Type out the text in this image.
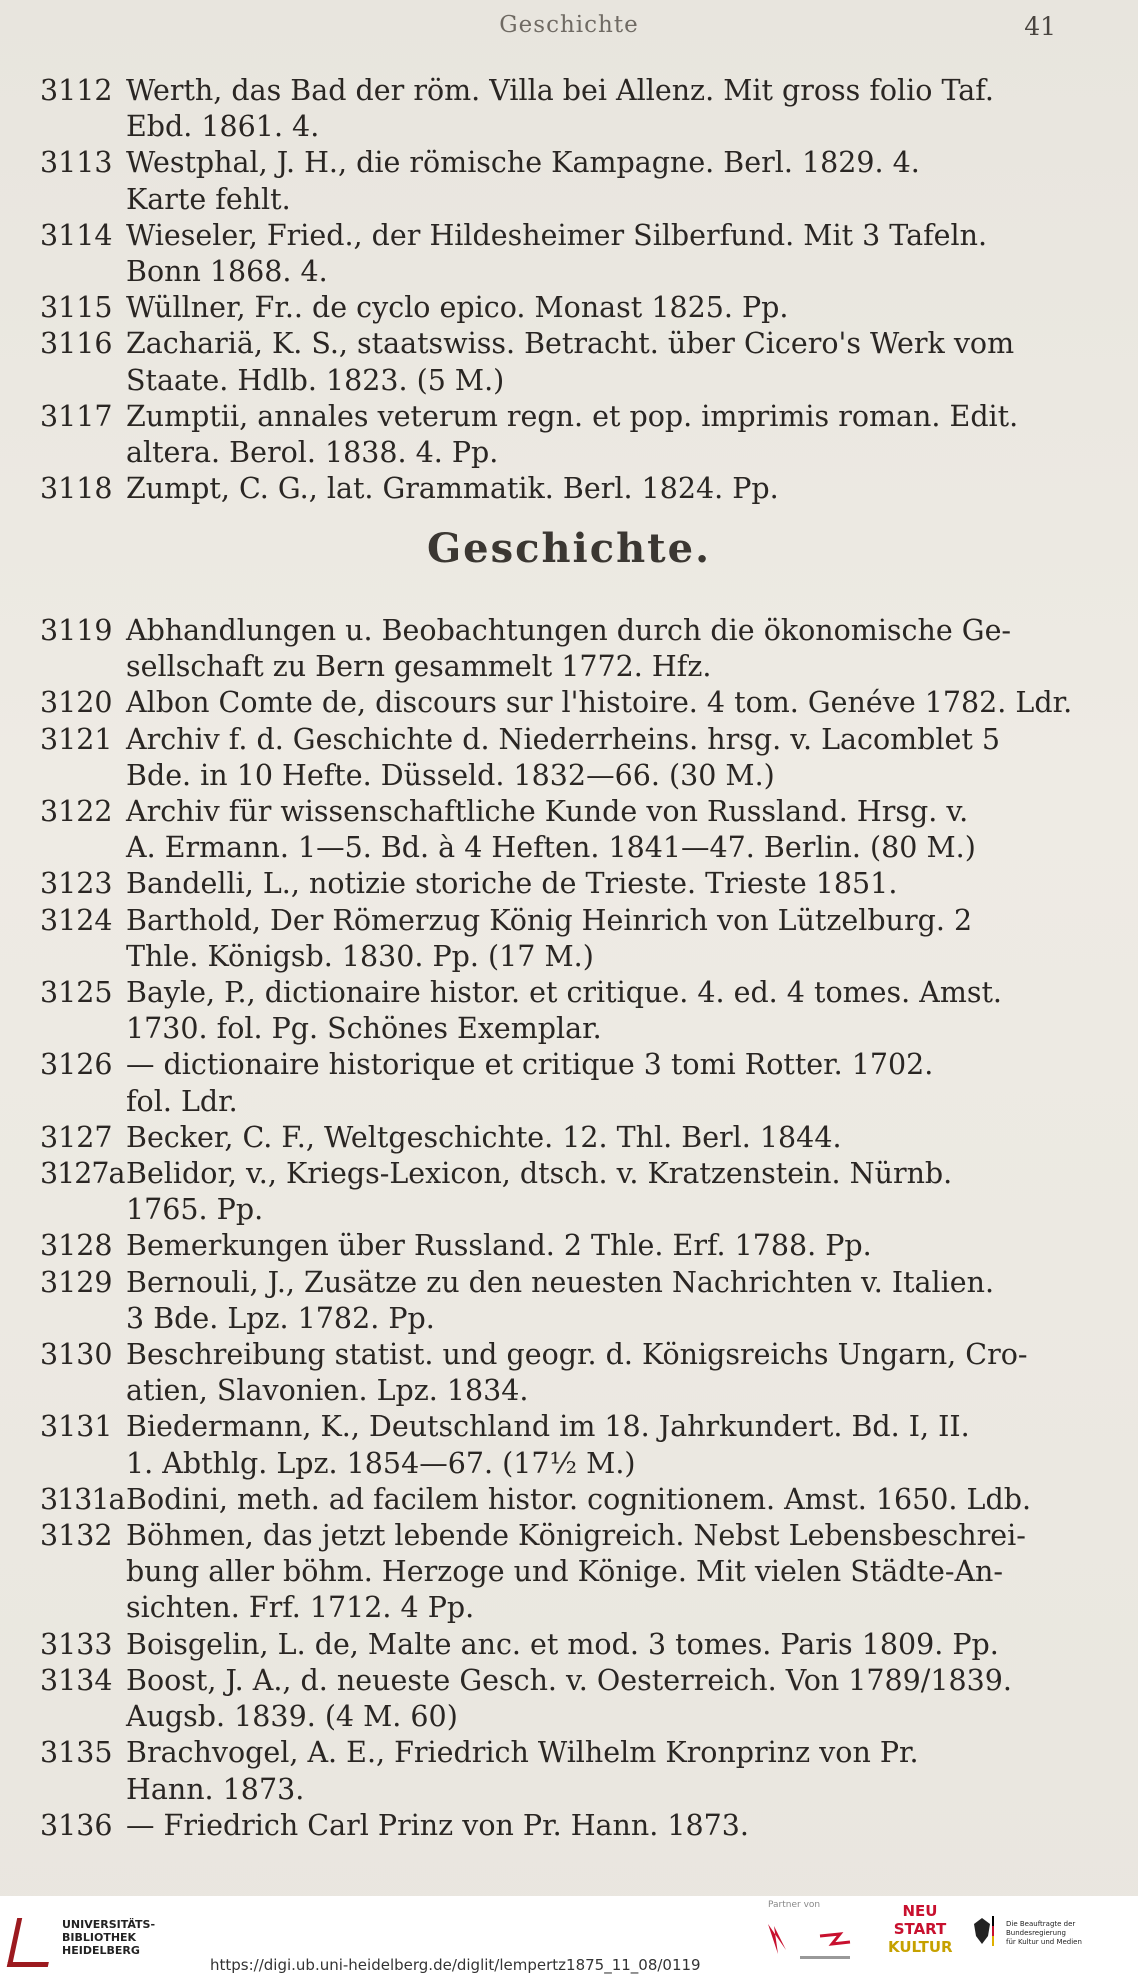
Geschichte	41
3112 Werth, das Bad der röm. Villa bei Allenz. Mit gross folio Taf.
Ebd. 1861. 4.
3113 Westphal, J. H., die römische Kampagne. Berl. 1829. 4.
Karte fehlt.
3114 Wieseler, Fried., der Hildesheimer Silberfund. Mit 3 Tafeln.
Bonn 1868. 4.
3115 Wüllner, Fr.. de cyclo epico. Monast 1825. Pp.
3116 Zachariä, K. S., staatswiss. Betracht. über Cicero's Werk vom
Staate. Hdlb. 1823. (5 M.)
3117 Zumptii, annales veterum regn. et pop. imprimis roman. Edit.
altera. Berol. 1838. 4. Pp.
3118 Zumpt, C. G., lat. Grammatik. Berl. 1824. Pp.
Geschichte.
3119 Abhandlungen u. Beobachtungen durch die ökonomische Ge-
sellschaft zu Bern gesammelt 1772. Hfz.
3120 Albon Comte de, discours sur l'histoire. 4 tom. Genéve 1782. Ldr.
3121 Archiv f. d. Geschichte d. Niederrheins. hrsg. v. Lacomblet 5
Bde. in 10 Hefte. Düsseld. 1832—66. (30 M.)
3122 Archiv für wissenschaftliche Kunde von Russland. Hrsg. v.
A. Ermann. 1—5. Bd. à 4 Heften. 1841—47. Berlin. (80 M.)
3123 Bandelli, L., notizie storiche de Trieste. Trieste 1851.
3124 Barthold, Der Römerzug König Heinrich von Lützelburg. 2
Thle. Königsb. 1830. Pp. (17 M.)
3125 Bayle, P., dictionaire histor. et critique. 4. ed. 4 tomes. Amst.
1730. fol. Pg. Schönes Exemplar.
3126 — dictionaire historique et critique 3 tomi Rotter. 1702.
fol. Ldr.
3127 Becker, C. F., Weltgeschichte. 12. Thl. Berl. 1844.
3127a Belidor, v., Kriegs-Lexicon, dtsch. v. Kratzenstein. Nürnb.
1765. Pp.
3128 Bemerkungen über Russland. 2 Thle. Erf. 1788. Pp.
3129 Bernouli, J., Zusätze zu den neuesten Nachrichten v. Italien.
3 Bde. Lpz. 1782. Pp.
3130 Beschreibung statist. und geogr. d. Königsreichs Ungarn, Cro-
atien, Slavonien. Lpz. 1834.
3131 Biedermann, K., Deutschland im 18. Jahrkundert. Bd. I, II.
1. Abthlg. Lpz. 1854—67. (17½ M.)
3131a Bodini, meth. ad facilem histor. cognitionem. Amst. 1650. Ldb.
3132 Böhmen, das jetzt lebende Königreich. Nebst Lebensbeschrei-
bung aller böhm. Herzoge und Könige. Mit vielen Städte-An-
sichten. Frf. 1712. 4 Pp.
3133 Boisgelin, L. de, Malte anc. et mod. 3 tomes. Paris 1809. Pp.
3134 Boost, J. A., d. neueste Gesch. v. Oesterreich. Von 1789/1839.
Augsb. 1839. (4 M. 60)
3135 Brachvogel, A. E., Friedrich Wilhelm Kronprinz von Pr.
Hann. 1873.
3136 — Friedrich Carl Prinz von Pr. Hann. 1873.
UNIVERSITÄTS-
BIBLIOTHEK
HEIDELBERG
Partner von	NEU
START
KULTUR
Die Beauftragte der Bundesregierung
für Kultur und Medien
https://digi.ub.uni-heidelberg.de/diglit/lempertz1875_11_08/0119
